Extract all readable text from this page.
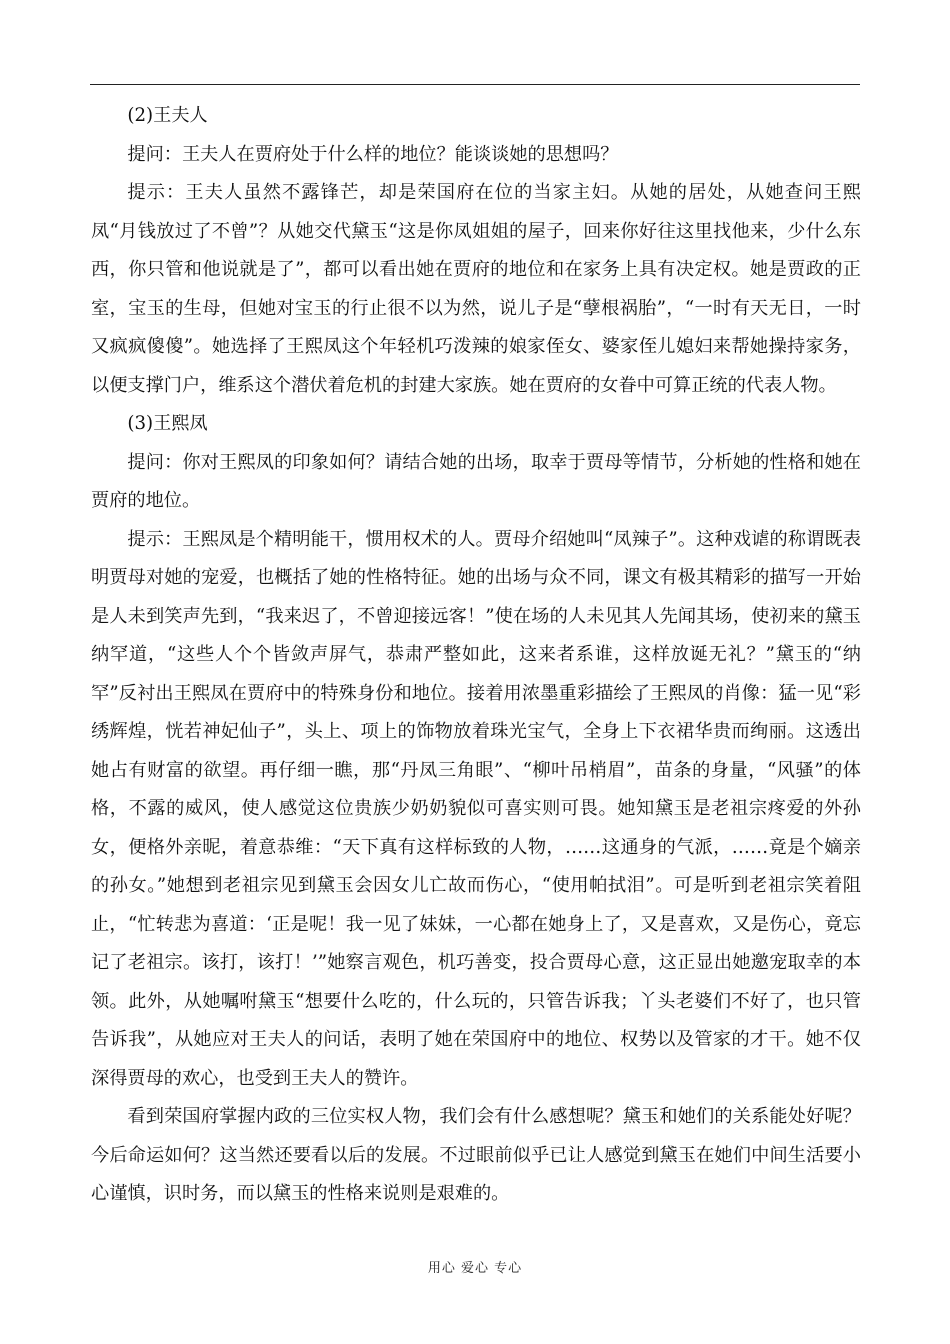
(2)王夫人

提问：王夫人在贾府处于什么样的地位？能谈谈她的思想吗？

提示：王夫人虽然不露锋芒，却是荣国府在位的当家主妇。从她的居处，从她查问王熙凤“月钱放过了不曾”？从她交代黛玉“这是你凤姐姐的屋子，回来你好往这里找他来，少什么东西，你只管和他说就是了”，都可以看出她在贾府的地位和在家务上具有决定权。她是贾政的正室，宝玉的生母，但她对宝玉的行止很不以为然，说儿子是“孽根祸胎”，“一时有天无日，一时又疯疯傻傻”。她选择了王熙凤这个年轻机巧泼辣的娘家侄女、婆家侄儿媳妇来帮她操持家务，以便支撑门户，维系这个潜伏着危机的封建大家族。她在贾府的女眷中可算正统的代表人物。

(3)王熙凤

提问：你对王熙凤的印象如何？请结合她的出场，取幸于贾母等情节，分析她的性格和她在贾府的地位。

提示：王熙凤是个精明能干，惯用权术的人。贾母介绍她叫“凤辣子”。这种戏谑的称谓既表明贾母对她的宠爱，也概括了她的性格特征。她的出场与众不同，课文有极其精彩的描写一开始是人未到笑声先到，“我来迟了，不曾迎接远客！”使在场的人未见其人先闻其场，使初来的黛玉纳罕道，“这些人个个皆敛声屏气，恭肃严整如此，这来者系谁，这样放诞无礼？”黛玉的“纳罕”反衬出王熙凤在贾府中的特殊身份和地位。接着用浓墨重彩描绘了王熙凤的肖像：猛一见“彩绣辉煌，恍若神妃仙子”，头上、项上的饰物放着珠光宝气，全身上下衣裙华贵而绚丽。这透出她占有财富的欲望。再仔细一瞧，那“丹凤三角眼”、“柳叶吊梢眉”，苗条的身量，“风骚”的体格，不露的威风，使人感觉这位贵族少奶奶貌似可喜实则可畏。她知黛玉是老祖宗疼爱的外孙女，便格外亲昵，着意恭维：“天下真有这样标致的人物，……这通身的气派，……竟是个嫡亲的孙女。”她想到老祖宗见到黛玉会因女儿亡故而伤心，“使用帕拭泪”。可是听到老祖宗笑着阻止，“忙转悲为喜道：‘正是呢！我一见了妹妹，一心都在她身上了，又是喜欢，又是伤心，竟忘记了老祖宗。该打，该打！’”她察言观色，机巧善变，投合贾母心意，这正显出她邀宠取幸的本领。此外，从她嘱咐黛玉“想要什么吃的，什么玩的，只管告诉我；丫头老婆们不好了，也只管告诉我”，从她应对王夫人的问话，表明了她在荣国府中的地位、权势以及管家的才干。她不仅深得贾母的欢心，也受到王夫人的赞许。

看到荣国府掌握内政的三位实权人物，我们会有什么感想呢？黛玉和她们的关系能处好呢？今后命运如何？这当然还要看以后的发展。不过眼前似乎已让人感觉到黛玉在她们中间生活要小心谨慎，识时务，而以黛玉的性格来说则是艰难的。

用心 爱心 专心
